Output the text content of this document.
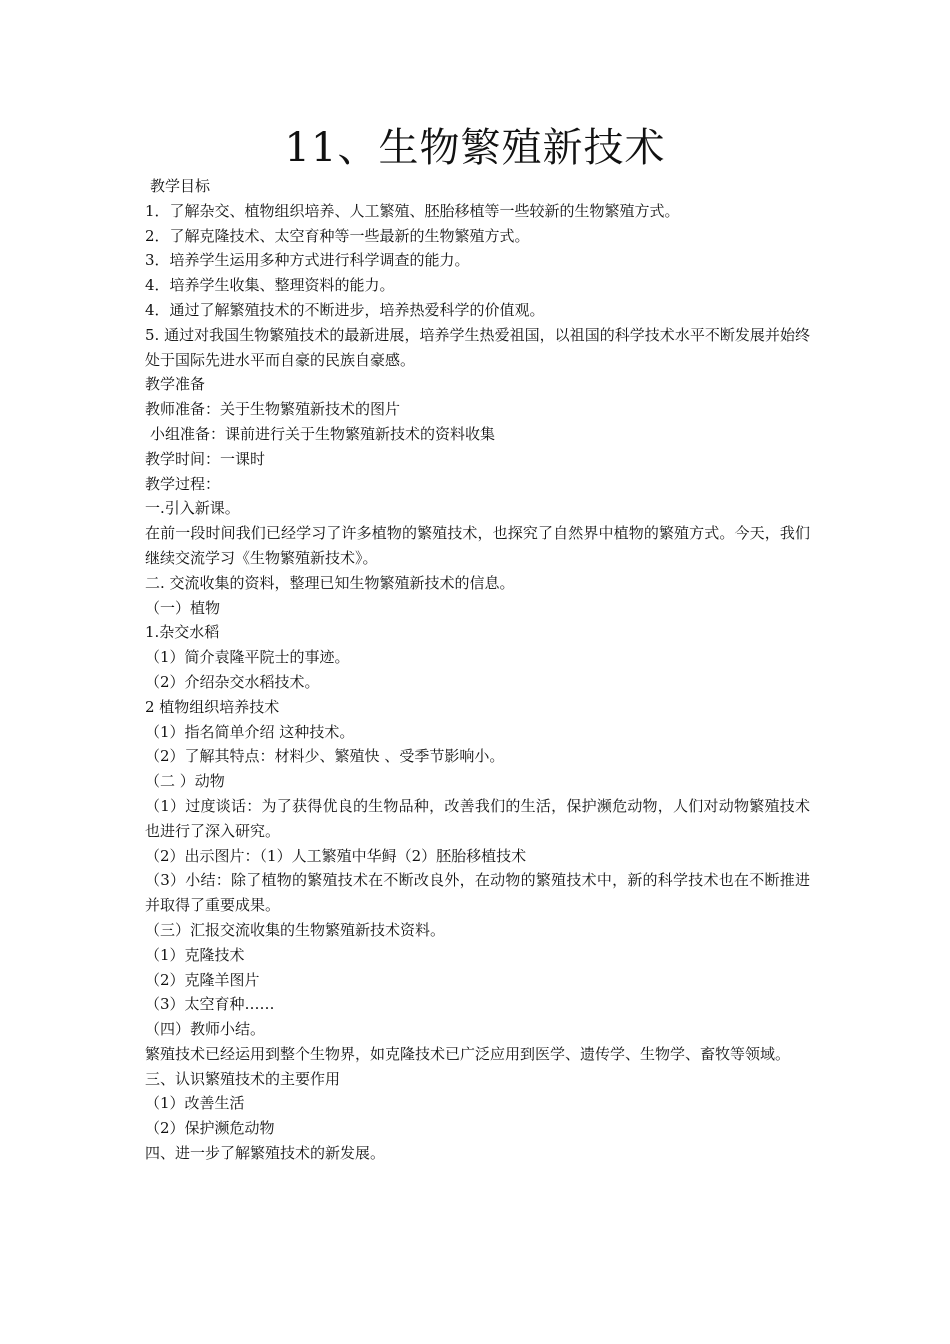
11、生物繁殖新技术
教学目标
1．了解杂交、植物组织培养、人工繁殖、胚胎移植等一些较新的生物繁殖方式。
2．了解克隆技术、太空育种等一些最新的生物繁殖方式。
3．培养学生运用多种方式进行科学调查的能力。
4．培养学生收集、整理资料的能力。
4．通过了解繁殖技术的不断进步，培养热爱科学的价值观。
5. 通过对我国生物繁殖技术的最新进展，培养学生热爱祖国，以祖国的科学技术水平不断发展并始终处于国际先进水平而自豪的民族自豪感。
教学准备
教师准备：关于生物繁殖新技术的图片
小组准备：课前进行关于生物繁殖新技术的资料收集
教学时间：一课时
教学过程：
一.引入新课。
在前一段时间我们已经学习了许多植物的繁殖技术，也探究了自然界中植物的繁殖方式。今天，我们继续交流学习《生物繁殖新技术》。
二. 交流收集的资料，整理已知生物繁殖新技术的信息。
（一）植物
1.杂交水稻
（1）简介袁隆平院士的事迹。
（2）介绍杂交水稻技术。
2 植物组织培养技术
（1）指名简单介绍 这种技术。
（2）了解其特点：材料少、繁殖快 、受季节影响小。
（二 ）动物
（1）过度谈话：为了获得优良的生物品种，改善我们的生活，保护濒危动物，人们对动物繁殖技术也进行了深入研究。
（2）出示图片：（1）人工繁殖中华鲟（2）胚胎移植技术
（3）小结：除了植物的繁殖技术在不断改良外，在动物的繁殖技术中，新的科学技术也在不断推进并取得了重要成果。
（三）汇报交流收集的生物繁殖新技术资料。
（1）克隆技术
（2）克隆羊图片
（3）太空育种……
（四）教师小结。
繁殖技术已经运用到整个生物界，如克隆技术已广泛应用到医学、遗传学、生物学、畜牧等领域。
三、认识繁殖技术的主要作用
（1）改善生活
（2）保护濒危动物
四、进一步了解繁殖技术的新发展。
